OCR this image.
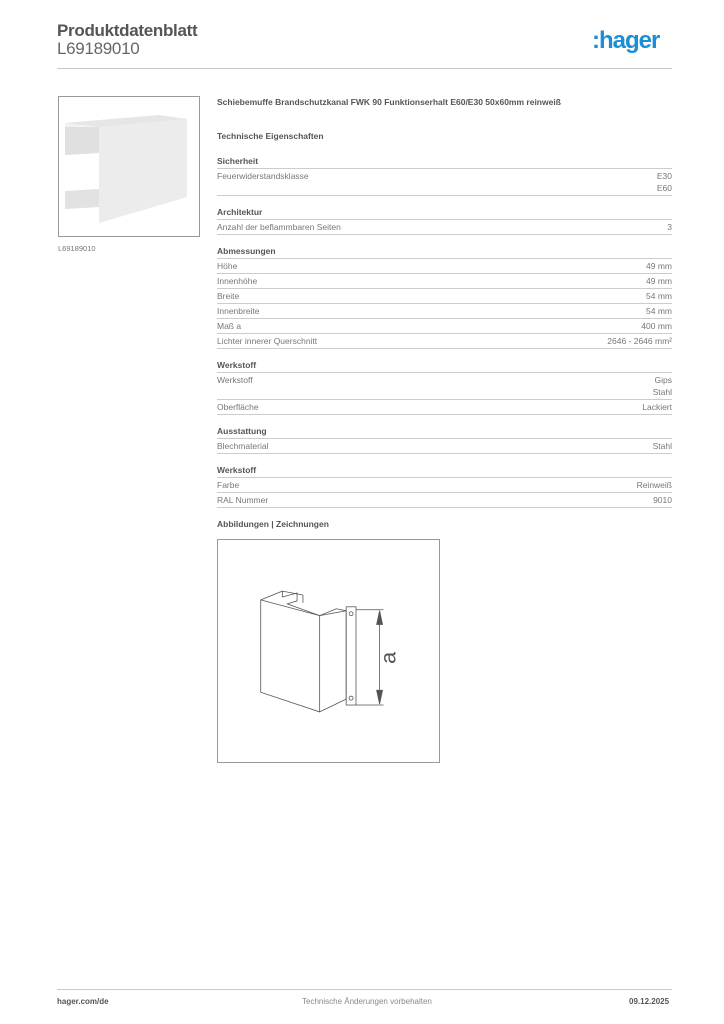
Produktdatenblatt
L69189010	:hager
L69189010
Schiebemuffe Brandschutzkanal FWK 90 Funktionserhalt E60/E30 50x60mm reinweiß
Technische Eigenschaften
Sicherheit
Feuerwiderstandsklasse	E30
E60
Architektur
Anzahl der beflammbaren Seiten	3
Abmessungen
Höhe	49 mm
Innenhöhe	49 mm
Breite	54 mm
Innenbreite	54 mm
Maß a	400 mm
Lichter innerer Querschnitt	2646 - 2646 mm²
Werkstoff
Werkstoff	Gips
Stahl
Oberfläche	Lackiert
Ausstattung
Blechmaterial	Stahl
Werkstoff
Farbe	Reinweiß
RAL Nummer	9010
Abbildungen | Zeichnungen
a
hager.com/de	Technische Änderungen vorbehalten	09.12.2025
